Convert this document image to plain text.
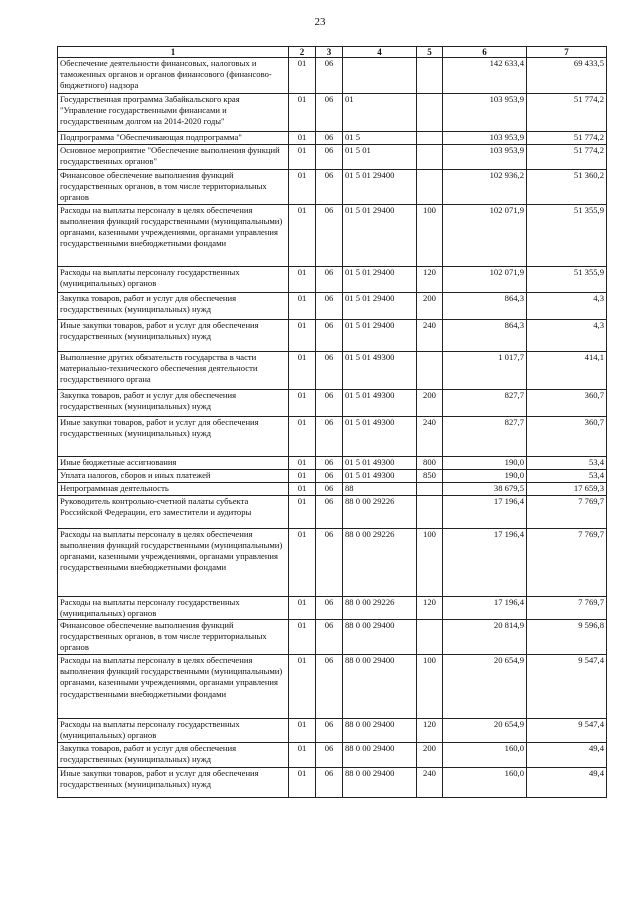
23
1	2	3	4	5	6	7
Обеспечение деятельности финансовых, налоговых и таможенных органов и органов финансового (финансово-бюджетного) надзора	01	06			142 633,4	69 433,5
Государственная программа Забайкальского края "Управление государственными финансами и государственным долгом на 2014-2020 годы"	01	06	01		103 953,9	51 774,2
Подпрограмма "Обеспечивающая подпрограмма"	01	06	01 5		103 953,9	51 774,2
Основное мероприятие "Обеспечение выполнения функций государственных органов"	01	06	01 5 01		103 953,9	51 774,2
Финансовое обеспечение выполнения функций государственных органов, в том числе территориальных органов	01	06	01 5 01 29400		102 936,2	51 360,2
Расходы на выплаты персоналу в целях обеспечения выполнения функций государственными (муниципальными) органами, казенными учреждениями, органами управления государственными внебюджетными фондами	01	06	01 5 01 29400	100	102 071,9	51 355,9
Расходы на выплаты персоналу государственных (муниципальных) органов	01	06	01 5 01 29400	120	102 071,9	51 355,9
Закупка товаров, работ и услуг для обеспечения государственных (муниципальных) нужд	01	06	01 5 01 29400	200	864,3	4,3
Иные закупки товаров, работ и услуг для обеспечения государственных (муниципальных) нужд	01	06	01 5 01 29400	240	864,3	4,3
Выполнение других обязательств государства в части материально-технического обеспечения деятельности государственного органа	01	06	01 5 01 49300		1 017,7	414,1
Закупка товаров, работ и услуг для обеспечения государственных (муниципальных) нужд	01	06	01 5 01 49300	200	827,7	360,7
Иные закупки товаров, работ и услуг для обеспечения государственных (муниципальных) нужд	01	06	01 5 01 49300	240	827,7	360,7
Иные бюджетные ассигнования	01	06	01 5 01 49300	800	190,0	53,4
Уплата налогов, сборов и иных платежей	01	06	01 5 01 49300	850	190,0	53,4
Непрограммная деятельность	01	06	88		38 679,5	17 659,3
Руководитель контрольно-счетной палаты субъекта Российской Федерации, его заместители и аудиторы	01	06	88 0 00 29226		17 196,4	7 769,7
Расходы на выплаты персоналу в целях обеспечения выполнения функций государственными (муниципальными) органами, казенными учреждениями, органами управления государственными внебюджетными фондами	01	06	88 0 00 29226	100	17 196,4	7 769,7
Расходы на выплаты персоналу государственных (муниципальных) органов	01	06	88 0 00 29226	120	17 196,4	7 769,7
Финансовое обеспечение выполнения функций государственных органов, в том числе территориальных органов	01	06	88 0 00 29400		20 814,9	9 596,8
Расходы на выплаты персоналу в целях обеспечения выполнения функций государственными (муниципальными) органами, казенными учреждениями, органами управления государственными внебюджетными фондами	01	06	88 0 00 29400	100	20 654,9	9 547,4
Расходы на выплаты персоналу государственных (муниципальных) органов	01	06	88 0 00 29400	120	20 654,9	9 547,4
Закупка товаров, работ и услуг для обеспечения государственных (муниципальных) нужд	01	06	88 0 00 29400	200	160,0	49,4
Иные закупки товаров, работ и услуг для обеспечения государственных (муниципальных) нужд	01	06	88 0 00 29400	240	160,0	49,4
